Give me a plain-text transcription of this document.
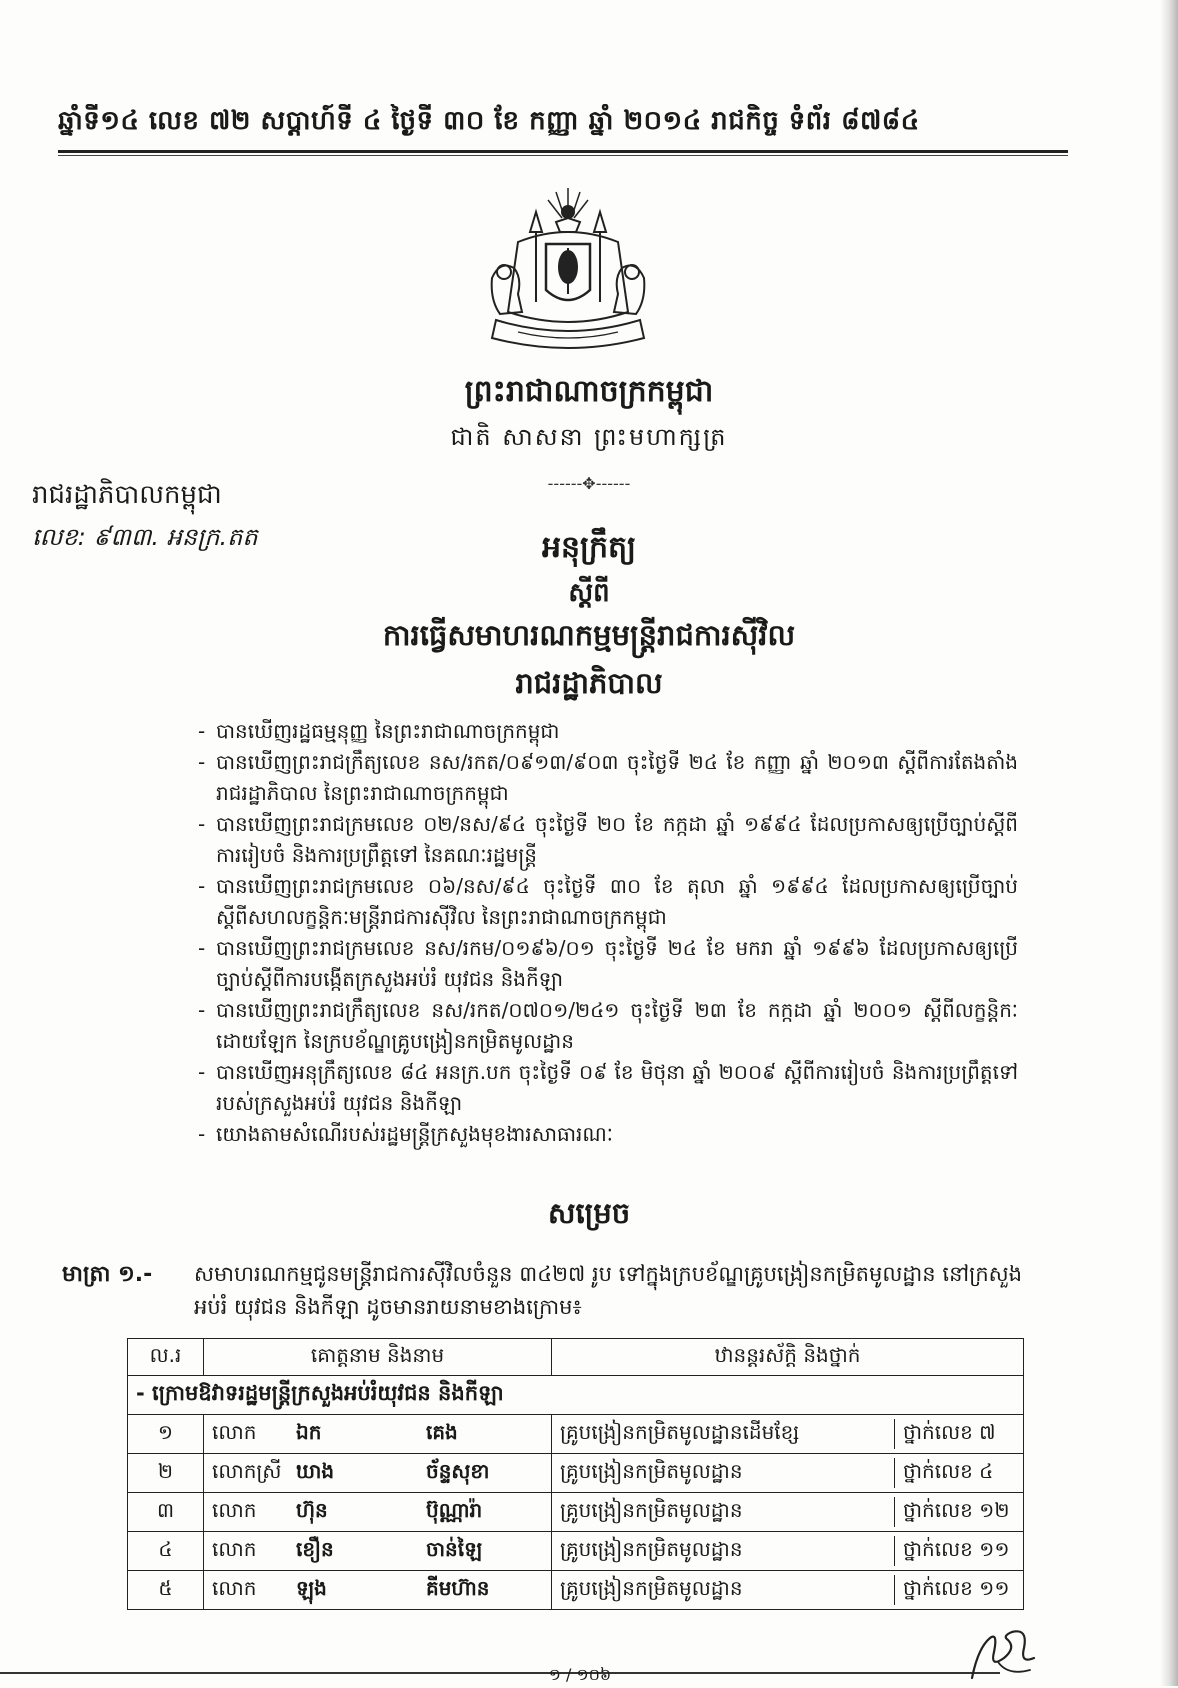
ឆ្នាំទី១៤ លេខ ៧២ សប្តាហ៍ទី ៤ ថ្ងៃទី ៣០ ខែ កញ្ញា ឆ្នាំ ២០១៤ រាជកិច្ច ទំព័រ ៨៧៨៤
ព្រះរាជាណាចក្រកម្ពុជា
ជាតិ សាសនា ព្រះមហាក្សត្រ
------✥------
រាជរដ្ឋាភិបាលកម្ពុជា
លេខ: ៩៣៣. អនក្រ.តត	អនុក្រឹត្យ
ស្តីពី
ការធ្វើសមាហរណកម្មមន្ត្រីរាជការស៊ីវិល
រាជរដ្ឋាភិបាល
- បានឃើញរដ្ឋធម្មនុញ្ញ នៃព្រះរាជាណាចក្រកម្ពុជា
- បានឃើញព្រះរាជក្រឹត្យលេខ នស/រកត/០៩១៣/៩០៣ ចុះថ្ងៃទី ២៤ ខែ កញ្ញា ឆ្នាំ ២០១៣ ស្តីពីការតែងតាំងរាជរដ្ឋាភិបាល នៃព្រះរាជាណាចក្រកម្ពុជា
- បានឃើញព្រះរាជក្រមលេខ ០២/នស/៩៤ ចុះថ្ងៃទី ២០ ខែ កក្កដា ឆ្នាំ ១៩៩៤ ដែលប្រកាសឲ្យប្រើច្បាប់ស្តីពីការរៀបចំ និងការប្រព្រឹត្តទៅ នៃគណៈរដ្ឋមន្ត្រី
- បានឃើញព្រះរាជក្រមលេខ ០៦/នស/៩៤ ចុះថ្ងៃទី ៣០ ខែ តុលា ឆ្នាំ ១៩៩៤ ដែលប្រកាសឲ្យប្រើច្បាប់ស្តីពីសហលក្ខន្តិកៈមន្ត្រីរាជការស៊ីវិល នៃព្រះរាជាណាចក្រកម្ពុជា
- បានឃើញព្រះរាជក្រមលេខ នស/រកម/០១៩៦/០១ ចុះថ្ងៃទី ២៤ ខែ មករា ឆ្នាំ ១៩៩៦ ដែលប្រកាសឲ្យប្រើច្បាប់ស្តីពីការបង្កើតក្រសួងអប់រំ យុវជន និងកីឡា
- បានឃើញព្រះរាជក្រឹត្យលេខ នស/រកត/០៧០១/២៤១ ចុះថ្ងៃទី ២៣ ខែ កក្កដា ឆ្នាំ ២០០១ ស្តីពីលក្ខន្តិកៈដោយឡែក នៃក្របខ័ណ្ឌគ្រូបង្រៀនកម្រិតមូលដ្ឋាន
- បានឃើញអនុក្រឹត្យលេខ ៨៤ អនក្រ.បក ចុះថ្ងៃទី ០៩ ខែ មិថុនា ឆ្នាំ ២០០៩ ស្តីពីការរៀបចំ និងការប្រព្រឹត្តទៅរបស់ក្រសួងអប់រំ យុវជន និងកីឡា
- យោងតាមសំណើរបស់រដ្ឋមន្ត្រីក្រសួងមុខងារសាធារណៈ
សម្រេច
មាត្រា ១.- សមាហរណកម្មជូនមន្ត្រីរាជការស៊ីវិលចំនួន ៣៤២៧ រូប ទៅក្នុងក្របខ័ណ្ឌគ្រូបង្រៀនកម្រិតមូលដ្ឋាន នៅក្រសួងអប់រំ យុវជន និងកីឡា ដូចមានរាយនាមខាងក្រោម៖
ល.រ	គោត្តនាម និងនាម	ឋានន្តរស័ក្តិ និងថ្នាក់
- ក្រោមឱវាទរដ្ឋមន្ត្រីក្រសួងអប់រំយុវជន និងកីឡា		
១	លោក ឯក គេង	គ្រូបង្រៀនកម្រិតមូលដ្ឋានដើមខ្សែ ថ្នាក់លេខ ៧

២	លោកស្រី ឃាង ច័ន្ទសុខា	គ្រូបង្រៀនកម្រិតមូលដ្ឋាន ថ្នាក់លេខ ៤

៣	លោក ហ៊ុន ប៊ុណ្ណារ៉ា	គ្រូបង្រៀនកម្រិតមូលដ្ឋាន ថ្នាក់លេខ ១២

៤	លោក ខឿន ចាន់ឡៃ	គ្រូបង្រៀនកម្រិតមូលដ្ឋាន ថ្នាក់លេខ ១១

៥	លោក ឡុង គីមហ៊ាន	គ្រូបង្រៀនកម្រិតមូលដ្ឋាន ថ្នាក់លេខ ១១
១ / ១០៦
